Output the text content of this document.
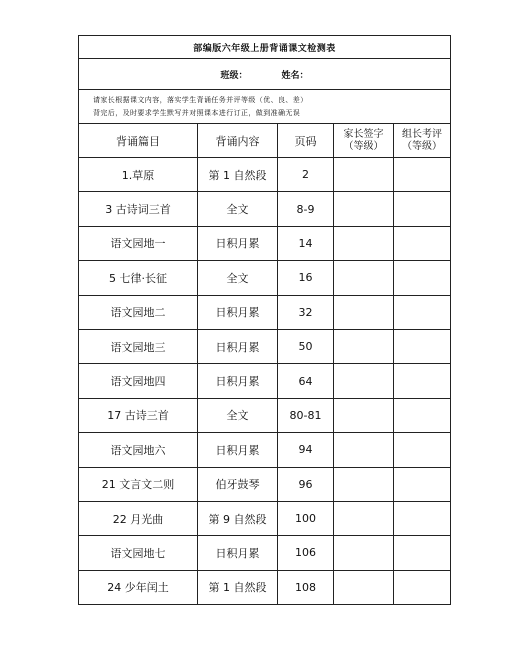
部编版六年级上册背诵课文检测表				
班级： 姓名：				

请家长根据课文内容，落实学生背诵任务并评等级（优、良、差）
背完后，及时要求学生默写并对照课本进行订正，做到准确无误				

背诵篇目	背诵内容	页码	家长签字（等级）	组长考评（等级）
1.草原	第 1 自然段	2		
3 古诗词三首	全文	8-9		
语文园地一	日积月累	14		
5 七律·长征	全文	16		
语文园地二	日积月累	32		
语文园地三	日积月累	50		
语文园地四	日积月累	64		
17 古诗三首	全文	80-81		
语文园地六	日积月累	94		
21 文言文二则	伯牙鼓琴	96		
22 月光曲	第 9 自然段	100		
语文园地七	日积月累	106		
24 少年闰土	第 1 自然段	108		
